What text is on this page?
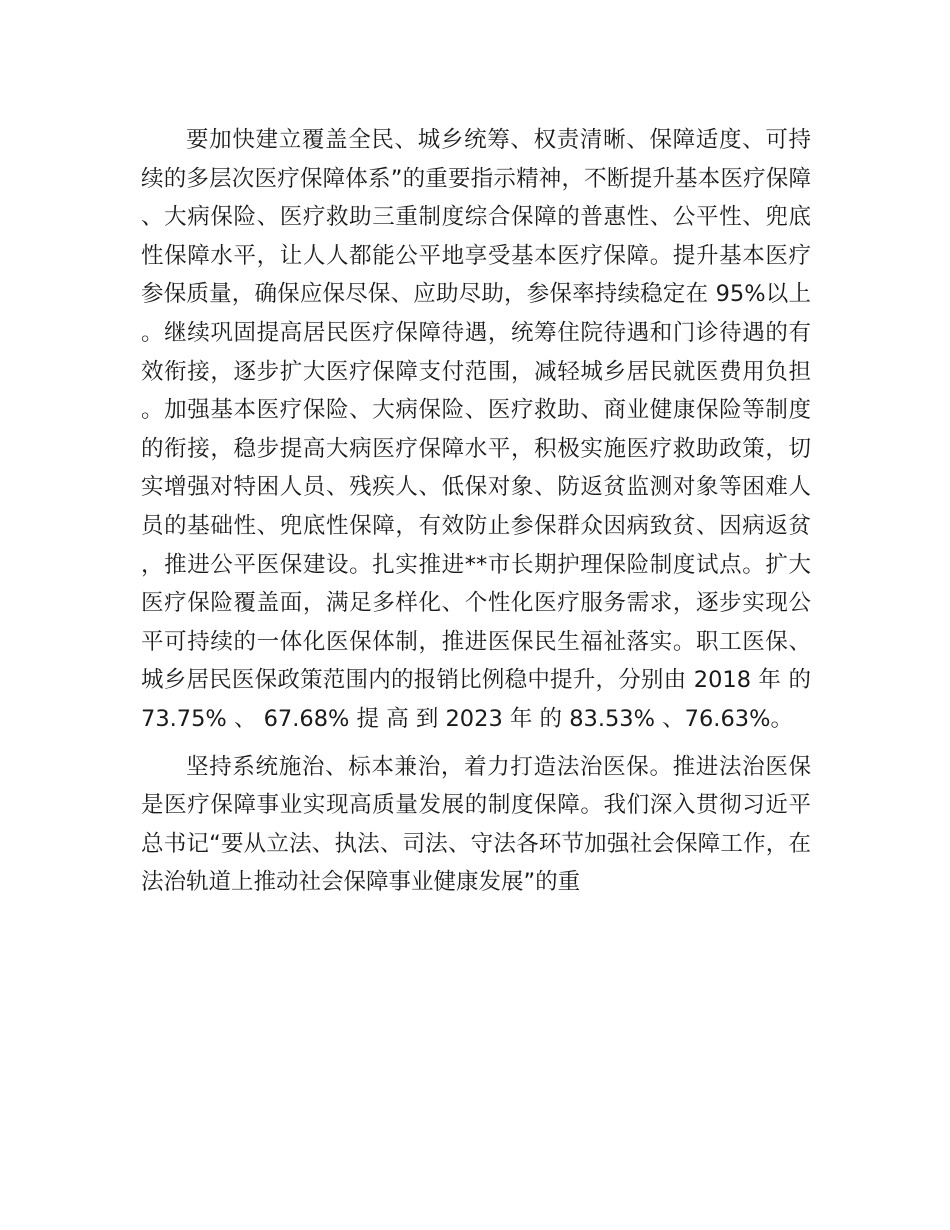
要加快建立覆盖全民、城乡统筹、权责清晰、保障适度、可持续的多层次医疗保障体系”的重要指示精神，不断提升基本医疗保障、大病保险、医疗救助三重制度综合保障的普惠性、公平性、兜底性保障水平，让人人都能公平地享受基本医疗保障。提升基本医疗参保质量，确保应保尽保、应助尽助，参保率持续稳定在 95%以上。继续巩固提高居民医疗保障待遇，统筹住院待遇和门诊待遇的有效衔接，逐步扩大医疗保障支付范围，减轻城乡居民就医费用负担。加强基本医疗保险、大病保险、医疗救助、商业健康保险等制度的衔接，稳步提高大病医疗保障水平，积极实施医疗救助政策，切实增强对特困人员、残疾人、低保对象、防返贫监测对象等困难人员的基础性、兜底性保障，有效防止参保群众因病致贫、因病返贫，推进公平医保建设。扎实推进**市长期护理保险制度试点。扩大医疗保险覆盖面，满足多样化、个性化医疗服务需求，逐步实现公平可持续的一体化医保体制，推进医保民生福祉落实。职工医保、城乡居民医保政策范围内的报销比例稳中提升，分别由 2018 年 的 73.75% 、 67.68% 提 高 到 2023 年 的 83.53% 、76.63%。

坚持系统施治、标本兼治，着力打造法治医保。推进法治医保是医疗保障事业实现高质量发展的制度保障。我们深入贯彻习近平总书记“要从立法、执法、司法、守法各环节加强社会保障工作，在法治轨道上推动社会保障事业健康发展”的重
